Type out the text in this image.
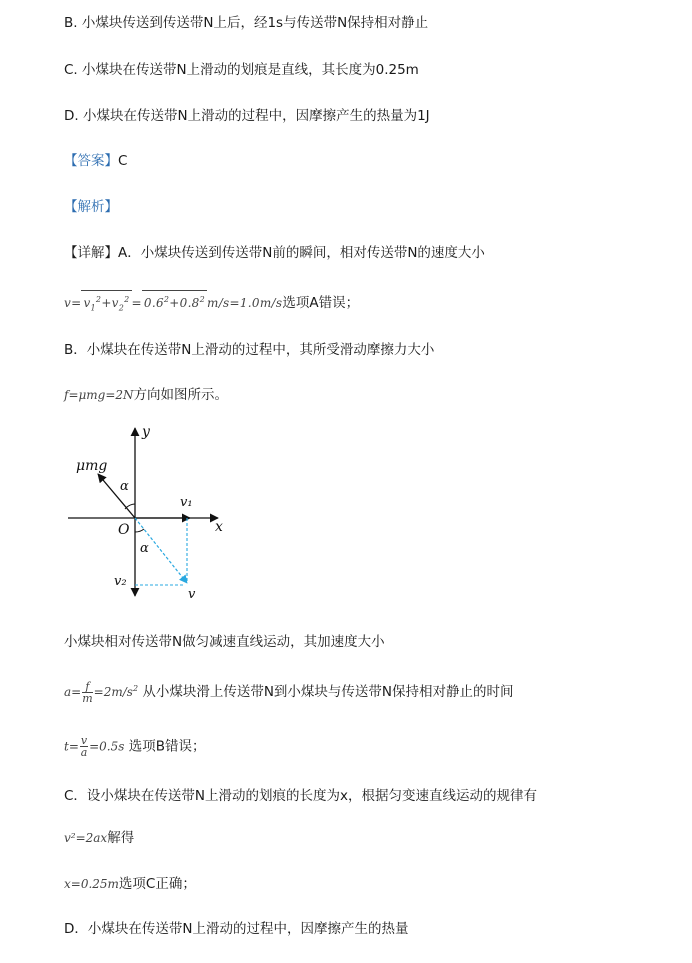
B. 小煤块传送到传送带N上后，经1s与传送带N保持相对静止
C. 小煤块在传送带N上滑动的划痕是直线，其长度为0.25m
D. 小煤块在传送带N上滑动的过程中，因摩擦产生的热量为1J
【答案】C
【解析】
【详解】A．小煤块传送到传送带N前的瞬间，相对传送带N的速度大小
$v= v_1^2+v_2^2 = 0.6^2+0.8^2$ m/s=1.0m/s选项A错误；
B．小煤块在传送带N上滑动的过程中，其所受滑动摩擦力大小
f=μmg=2N方向如图所示。
y
x
O
μmg
α
α
v₁
v₂
v
小煤块相对传送带N做匀减速直线运动，其加速度大小
$a= \frac{f}{m} =2m/s^2$ 从小煤块滑上传送带N到小煤块与传送带N保持相对静止的时间
$t= \frac{v}{a} =0.5s$ 选项B错误；
C．设小煤块在传送带N上滑动的划痕的长度为x，根据匀变速直线运动的规律有
v²=2ax解得
x=0.25m选项C正确；
D．小煤块在传送带N上滑动的过程中，因摩擦产生的热量
